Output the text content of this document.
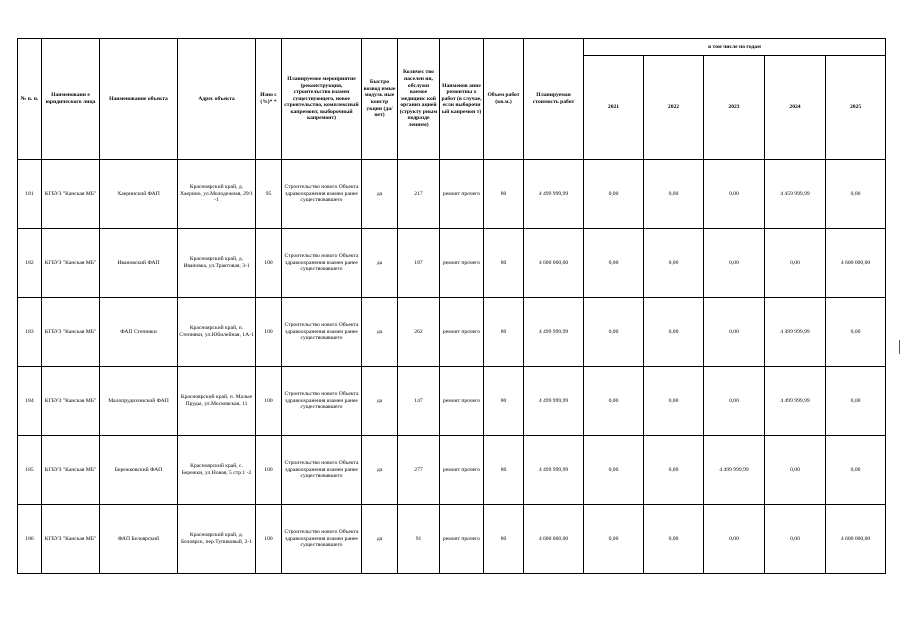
№ п. п.	Наименовани е юридического лица	Наименование объекта	Адрес объекта	Изно с (%)* *	Планируемое мероприятие (реконструкция, строительство взамен существующего, новое строительство, комплексный капремонт, выборочный капремонт)	Быстро возвод имые модуль ные констр укции (да/нет)	Количес тво населен ия, обслужи ваемое медицинс кой организ ацией (структу рным подразде лением)	Наименов ание ремонтны х работ (в случае, если выборочн ый капремон т)	Объем работ (кв.м.)	Планируемая стоимость работ	в том числе по годам				
											2021	2022	2023	2024	2025
181	КГБУЗ "Канская МБ"	Хаеринский ФАП	Красноярский край, д. Хаерино, ул.Молодежная, 29/1 -1	95	Строительство нового Объекта здравоохранения взамен ранее существовавшего	да	217	ремонт прочего	80	4 499 999,99	0,00	0,00	0,00	4 459 999,99	0,00
182	КГБУЗ "Канская МБ"	Ивановский ФАП	Красноярский край, д. Ивановка, ул.Трактовая, 3-1	100	Строительство нового Объекта здравоохранения взамен ранее существовавшего	да	187	ремонт прочего	80	4 600 000,00	0,00	0,00	0,00	0,00	4 600 000,00
183	КГБУЗ "Канская МБ"	ФАП Степняки	Красноярский край, п. Степняки, ул.Юбилейная, 1А-1	100	Строительство нового Объекта здравоохранения взамен ранее существовавшего	да	262	ремонт прочего	80	4 499 999,99	0,00	0,00	0,00	4 499 999,99	0,00
184	КГБУЗ "Канская МБ"	Малопрудихинский ФАП	Красноярский край, п. Малые Пруды, ул.Московская, 11	100	Строительство нового Объекта здравоохранения взамен ранее существовавшего	да	147	ремонт прочего	80	4 499 999,99	0,00	0,00	0,00	4 499 999,99	0,00
185	КГБУЗ "Канская МБ"	Бережковский ФАП	Красноярский край, с. Бережки, ул.Новая, 5 стр.1 -2	100	Строительство нового Объекта здравоохранения взамен ранее существовавшего	да	277	ремонт прочего	80	4 499 999,99	0,00	0,00	4 499 999,99	0,00	0,00
186	КГБУЗ "Канская МБ"	ФАП Белоярский	Красноярский край, д. Белоярск, пер.Тупиковый, 2-1	100	Строительство нового Объекта здравоохранения взамен ранее существовавшего	да	91	ремонт прочего	80	4 600 000,00	0,00	0,00	0,00	0,00	4 600 000,00
